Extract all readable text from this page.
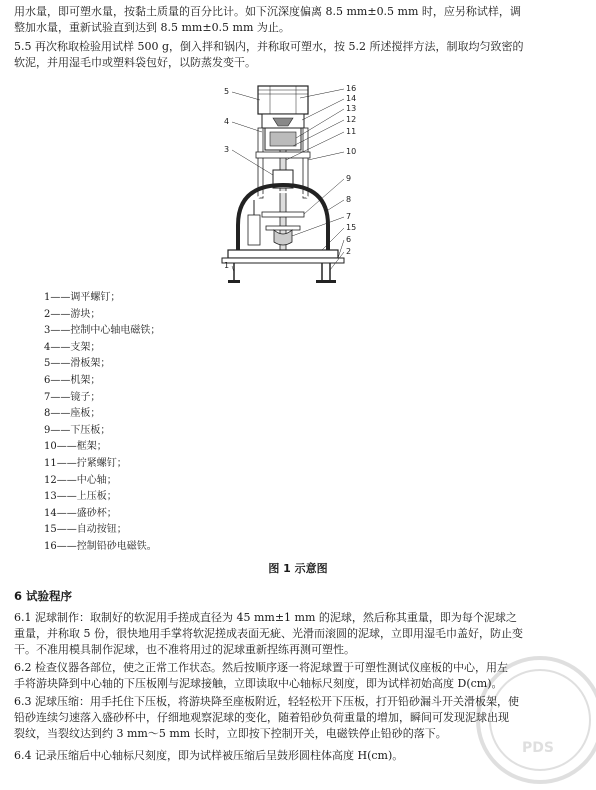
用水量，即可塑水量，按黏土质量的百分比计。如下沉深度偏离 8.5 mm±0.5 mm 时，应另称试样，调
整加水量，重新试验直到达到 8.5 mm±0.5 mm 为止。
5.5 再次称取检验用试样 500 g，倒入拌和锅内，并称取可塑水，按 5.2 所述搅拌方法，制取均匀致密的
软泥，并用湿毛巾或塑料袋包好，以防蒸发变干。
5
4
3
1
16
14
13
12
11
10
9
8
7
15
6
2
1——调平螺钉；
2——游块；
3——控制中心轴电磁铁；
4——支架；
5——滑板架；
6——机架；
7——镜子；
8——座板；
9——下压板；
10——框架；
11——拧紧螺钉；
12——中心轴；
13——上压板；
14——盛砂杯；
15——自动按钮；
16——控制铅砂电磁铁。
图 1 示意图
6 试验程序
6.1 泥球制作：取制好的软泥用手搓成直径为 45 mm±1 mm 的泥球，然后称其重量，即为每个泥球之
重量，并称取 5 份，很快地用手掌将软泥搓成表面无疵、光滑而滚圆的泥球，立即用湿毛巾盖好，防止变
干。不准用模具制作泥球，也不准将用过的泥球重新捏练再测可塑性。
6.2 检查仪器各部位，使之正常工作状态。然后按顺序逐一将泥球置于可塑性测试仪座板的中心，用左
手将游块降到中心轴的下压板刚与泥球接触，立即读取中心轴标尺刻度，即为试样初始高度 D(cm)。
6.3 泥球压缩：用手托住下压板，将游块降至座板附近，轻轻松开下压板，打开铅砂漏斗开关滑板架，使
铅砂连续匀速落入盛砂杯中，仔细地观察泥球的变化，随着铅砂负荷重量的增加，瞬间可发现泥球出现
裂纹，当裂纹达到约 3 mm～5 mm 长时，立即按下控制开关，电磁铁停止铅砂的落下。
6.4 记录压缩后中心轴标尺刻度，即为试样被压缩后呈鼓形圆柱体高度 H(cm)。	PDS
